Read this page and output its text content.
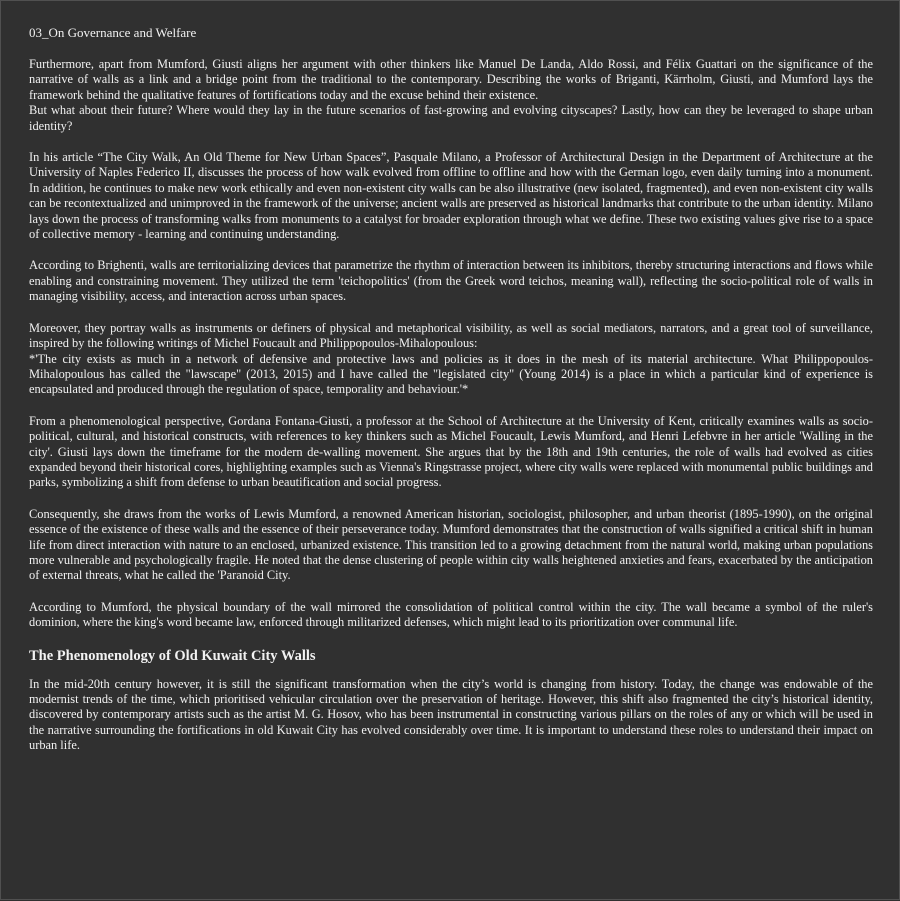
03_On Governance and Welfare

Furthermore, apart from Mumford, Giusti aligns her argument with other thinkers like Manuel De Landa, Aldo Rossi, and Félix Guattari on the significance of the narrative of walls as a link and a bridge point from the traditional to the contemporary. Describing the works of Briganti, Kärrholm, Giusti, and Mumford lays the framework behind the qualitative features of fortifications today and the excuse behind their existence.
But what about their future? Where would they lay in the future scenarios of fast-growing and evolving cityscapes? Lastly, how can they be leveraged to shape urban identity?

In his article “The City Walk, An Old Theme for New Urban Spaces”, Pasquale Milano, a Professor of Architectural Design in the Department of Architecture at the University of Naples Federico II, discusses the process of how walk evolved from offline to offline and how with the German logo, even daily turning into a monument. In addition, he continues to make new work ethically and even non-existent city walls can be also illustrative (new isolated, fragmented), and even non-existent city walls can be recontextualized and unimproved in the framework of the universe; ancient walls are preserved as historical landmarks that contribute to the urban identity. Milano lays down the process of transforming walks from monuments to a catalyst for broader exploration through what we define. These two existing values give rise to a space of collective memory - learning and continuing understanding.

According to Brighenti, walls are territorializing devices that parametrize the rhythm of interaction between its inhibitors, thereby structuring interactions and flows while enabling and constraining movement. They utilized the term 'teichopolitics' (from the Greek word teichos, meaning wall), reflecting the socio-political role of walls in managing visibility, access, and interaction across urban spaces.

Moreover, they portray walls as instruments or definers of physical and metaphorical visibility, as well as social mediators, narrators, and a great tool of surveillance, inspired by the following writings of Michel Foucault and Philippopoulos-Mihalopoulous:
*'The city exists as much in a network of defensive and protective laws and policies as it does in the mesh of its material architecture. What Philippopoulos-Mihalopoulous has called the "lawscape" (2013, 2015) and I have called the "legislated city" (Young 2014) is a place in which a particular kind of experience is encapsulated and produced through the regulation of space, temporality and behaviour.'*

From a phenomenological perspective, Gordana Fontana-Giusti, a professor at the School of Architecture at the University of Kent, critically examines walls as socio-political, cultural, and historical constructs, with references to key thinkers such as Michel Foucault, Lewis Mumford, and Henri Lefebvre in her article 'Walling in the city'. Giusti lays down the timeframe for the modern de-walling movement. She argues that by the 18th and 19th centuries, the role of walls had evolved as cities expanded beyond their historical cores, highlighting examples such as Vienna's Ringstrasse project, where city walls were replaced with monumental public buildings and parks, symbolizing a shift from defense to urban beautification and social progress.

Consequently, she draws from the works of Lewis Mumford, a renowned American historian, sociologist, philosopher, and urban theorist (1895-1990), on the original essence of the existence of these walls and the essence of their perseverance today. Mumford demonstrates that the construction of walls signified a critical shift in human life from direct interaction with nature to an enclosed, urbanized existence. This transition led to a growing detachment from the natural world, making urban populations more vulnerable and psychologically fragile. He noted that the dense clustering of people within city walls heightened anxieties and fears, exacerbated by the anticipation of external threats, what he called the 'Paranoid City.

According to Mumford, the physical boundary of the wall mirrored the consolidation of political control within the city. The wall became a symbol of the ruler's dominion, where the king's word became law, enforced through militarized defenses, which might lead to its prioritization over communal life.

The Phenomenology of Old Kuwait City Walls

In the mid-20th century however, it is still the significant transformation when the city’s world is changing from history. Today, the change was endowable of the modernist trends of the time, which prioritised vehicular circulation over the preservation of heritage. However, this shift also fragmented the city’s historical identity, discovered by contemporary artists such as the artist M. G. Hosov, who has been instrumental in constructing various pillars on the roles of any or which will be used in the narrative surrounding the fortifications in old Kuwait City has evolved considerably over time. It is important to understand these roles to understand their impact on urban life.
